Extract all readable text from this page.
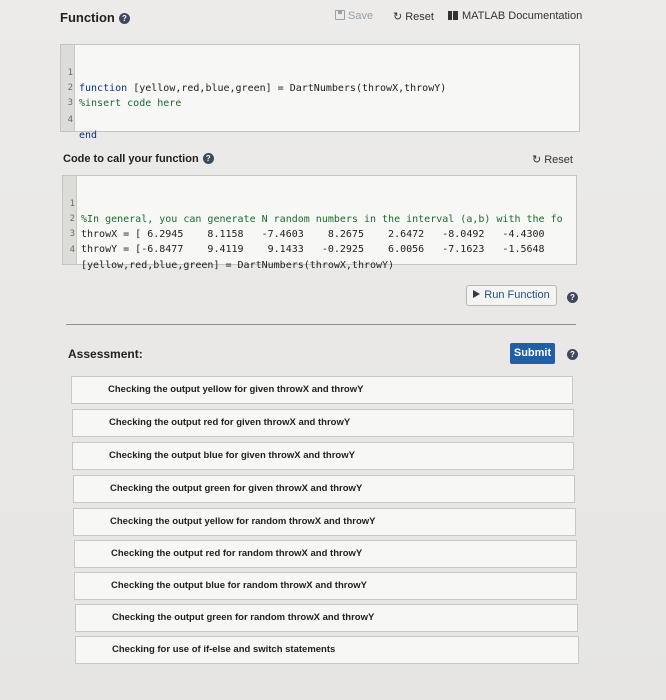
Function ?	Save ↻ Reset	MATLAB Documentation

1

function [yellow,red,blue,green] = DartNumbers(throwX,throwY)

2

%insert code here

3

4

end

Code to call your function ?	↻ Reset

1

%In general, you can generate N random numbers in the interval (a,b) with the fo

2

throwX = [ 6.2945    8.1158   -7.4603    8.2675    2.6472   -8.0492   -4.4300

3

throwY = [-6.8477    9.4119    9.1433   -0.2925    6.0056   -7.1623   -1.5648

4

[yellow,red,blue,green] = DartNumbers(throwX,throwY)

Run Function	?
Assessment:	Submit	?
Checking the output yellow for given throwX and throwY
Checking the output red for given throwX and throwY
Checking the output blue for given throwX and throwY
Checking the output green for given throwX and throwY
Checking the output yellow for random throwX and throwY
Checking the output red for random throwX and throwY
Checking the output blue for random throwX and throwY
Checking the output green for random throwX and throwY
Checking for use of if-else and switch statements
